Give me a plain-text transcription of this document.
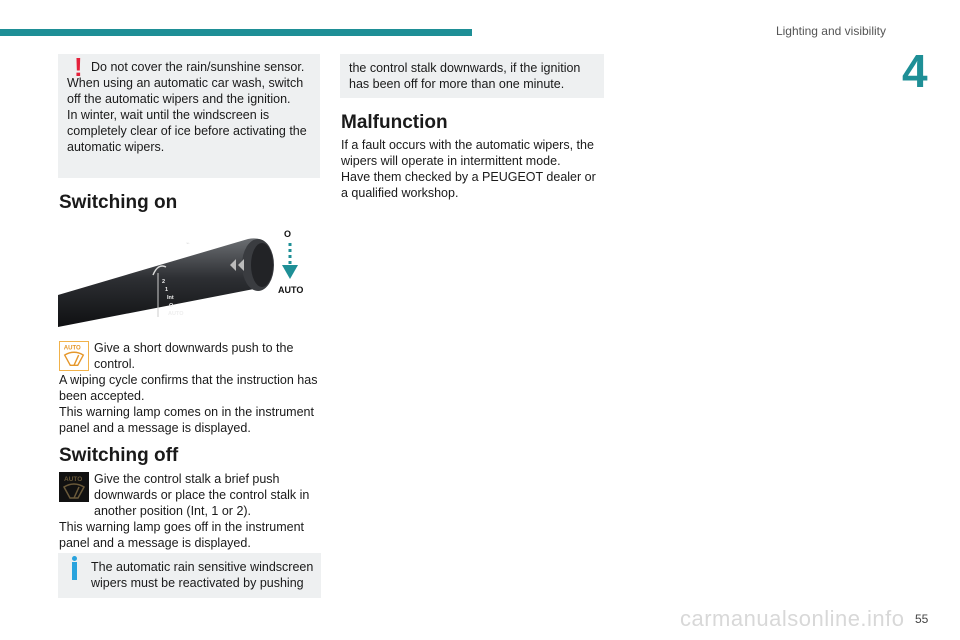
Lighting and visibility
4
! Do not cover the rain/sunshine sensor.
When using an automatic car wash, switch off the automatic wipers and the ignition.
In winter, wait until the windscreen is completely clear of ice before activating the automatic wipers.
Switching on
⌁
2
1
Int
O
AUTO
O
AUTO
AUTO	Give a short downwards push to the control.
A wiping cycle confirms that the instruction has been accepted.
This warning lamp comes on in the instrument panel and a message is displayed.
Switching off
AUTO Give the control stalk a brief push downwards or place the control stalk in another position (Int, 1 or 2).
This warning lamp goes off in the instrument panel and a message is displayed.
The automatic rain sensitive windscreen wipers must be reactivated by pushing
the control stalk downwards, if the ignition has been off for more than one minute.
Malfunction
If a fault occurs with the automatic wipers, the wipers will operate in intermittent mode.
Have them checked by a PEUGEOT dealer or a qualified workshop.
carmanualsonline.info 55
